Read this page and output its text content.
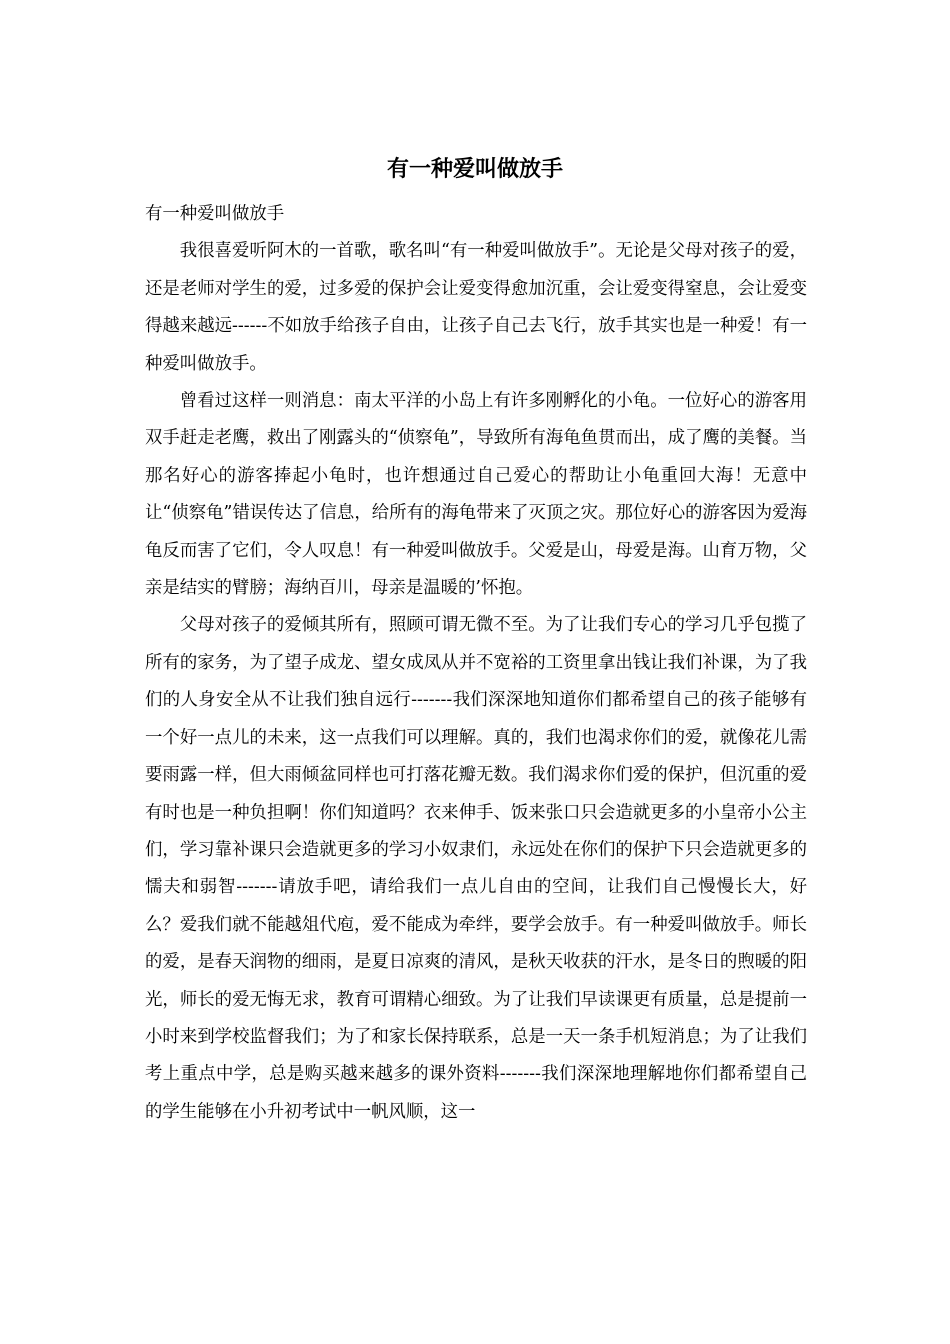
有一种爱叫做放手

有一种爱叫做放手

我很喜爱听阿木的一首歌，歌名叫“有一种爱叫做放手”。无论是父母对孩子的爱，还是老师对学生的爱，过多爱的保护会让爱变得愈加沉重，会让爱变得窒息，会让爱变得越来越远------不如放手给孩子自由，让孩子自己去飞行，放手其实也是一种爱！有一种爱叫做放手。

曾看过这样一则消息：南太平洋的小岛上有许多刚孵化的小龟。一位好心的游客用双手赶走老鹰，救出了刚露头的“侦察龟”，导致所有海龟鱼贯而出，成了鹰的美餐。当那名好心的游客捧起小龟时，也许想通过自己爱心的帮助让小龟重回大海！无意中让“侦察龟”错误传达了信息，给所有的海龟带来了灭顶之灾。那位好心的游客因为爱海龟反而害了它们，令人叹息！有一种爱叫做放手。父爱是山，母爱是海。山育万物，父亲是结实的臂膀；海纳百川，母亲是温暖的’怀抱。

父母对孩子的爱倾其所有，照顾可谓无微不至。为了让我们专心的学习几乎包揽了所有的家务，为了望子成龙、望女成凤从并不宽裕的工资里拿出钱让我们补课，为了我们的人身安全从不让我们独自远行-------我们深深地知道你们都希望自己的孩子能够有一个好一点儿的未来，这一点我们可以理解。真的，我们也渴求你们的爱，就像花儿需要雨露一样，但大雨倾盆同样也可打落花瓣无数。我们渴求你们爱的保护，但沉重的爱有时也是一种负担啊！你们知道吗？衣来伸手、饭来张口只会造就更多的小皇帝小公主们，学习靠补课只会造就更多的学习小奴隶们，永远处在你们的保护下只会造就更多的懦夫和弱智-------请放手吧，请给我们一点儿自由的空间，让我们自己慢慢长大，好么？爱我们就不能越俎代庖，爱不能成为牵绊，要学会放手。有一种爱叫做放手。师长的爱，是春天润物的细雨，是夏日凉爽的清风，是秋天收获的汗水，是冬日的煦暖的阳光，师长的爱无悔无求，教育可谓精心细致。为了让我们早读课更有质量，总是提前一小时来到学校监督我们；为了和家长保持联系，总是一天一条手机短消息；为了让我们考上重点中学，总是购买越来越多的课外资料-------我们深深地理解地你们都希望自己的学生能够在小升初考试中一帆风顺，这一
